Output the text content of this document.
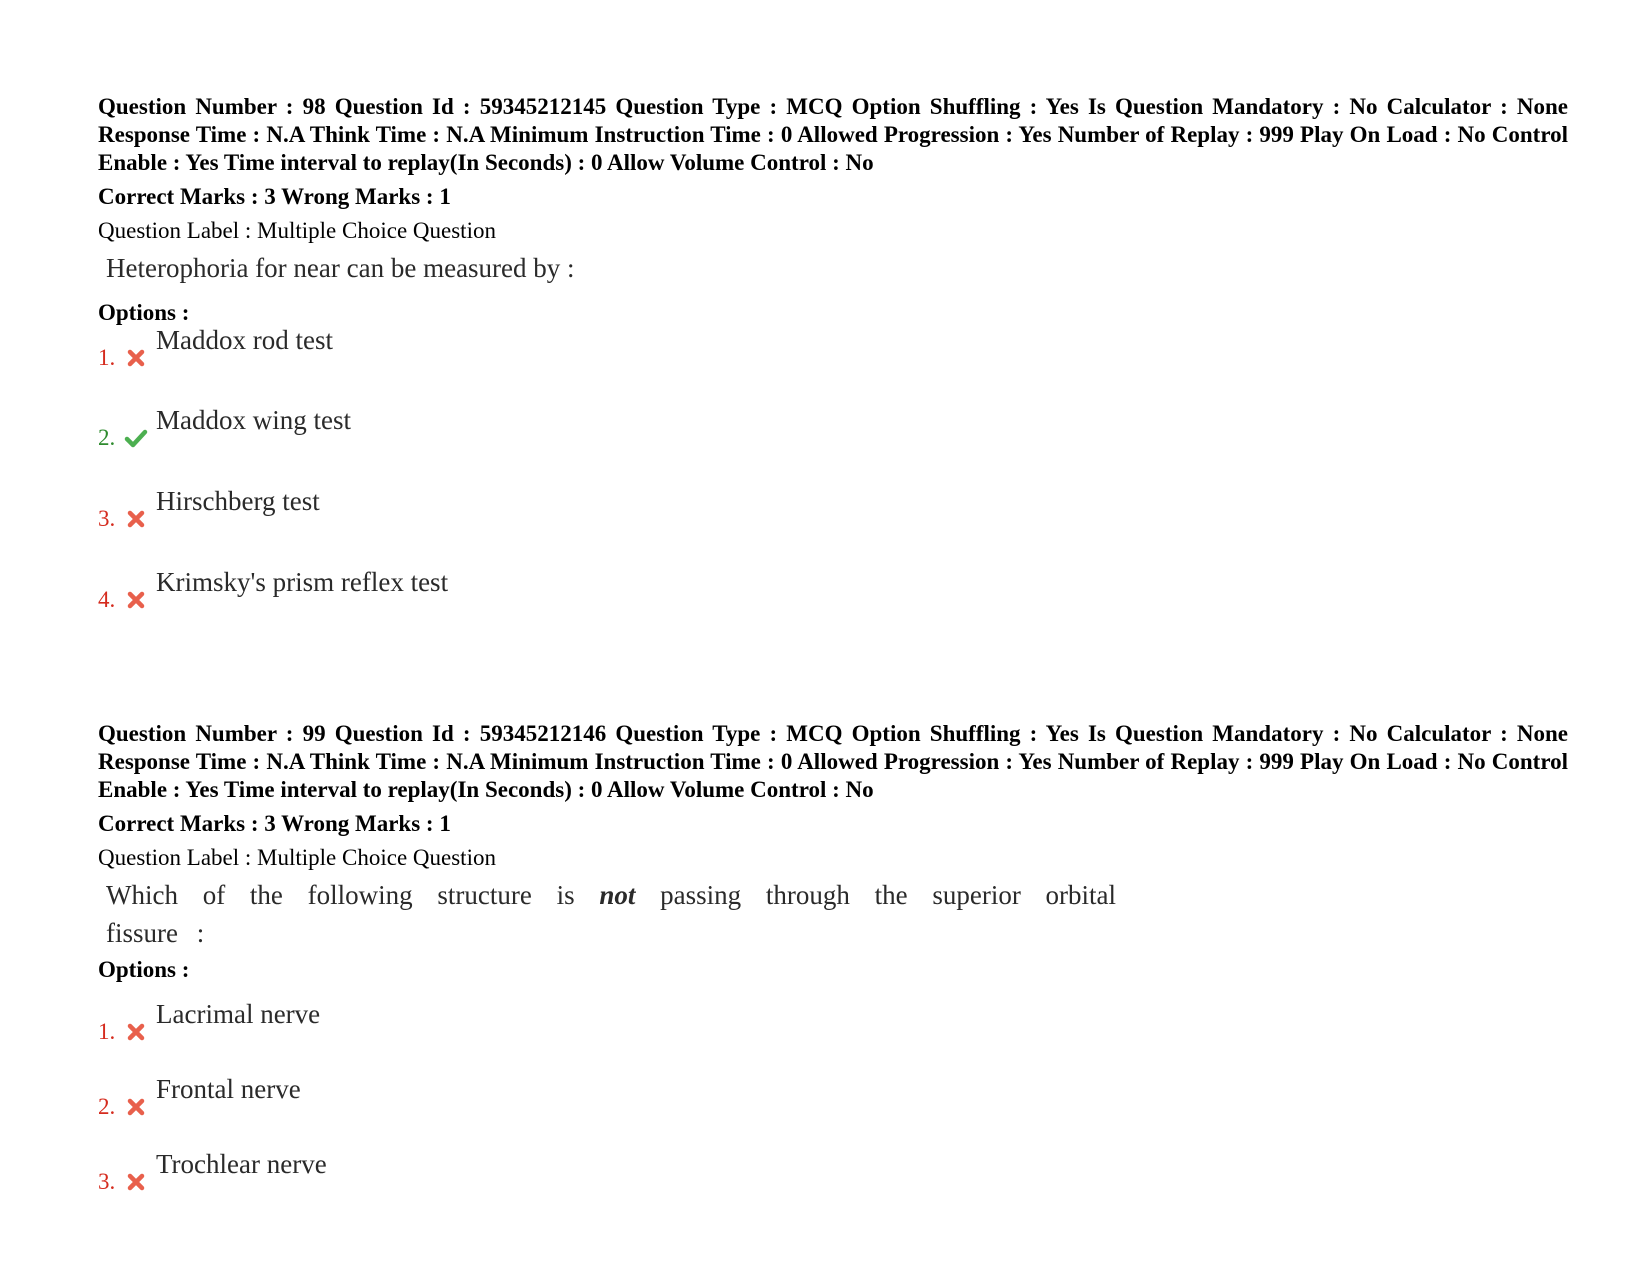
Question Number : 98 Question Id : 59345212145 Question Type : MCQ Option Shuffling : Yes Is Question Mandatory : No Calculator : None Response Time : N.A Think Time : N.A Minimum Instruction Time : 0 Allowed Progression : Yes Number of Replay : 999 Play On Load : No Control Enable : Yes Time interval to replay(In Seconds) : 0 Allow Volume Control : No

Correct Marks : 3 Wrong Marks : 1
Question Label : Multiple Choice Question
Heterophoria for near can be measured by :
Options :
1.
Maddox rod test
2.
Maddox wing test
3.
Hirschberg test
4.
Krimsky's prism reflex test

Question Number : 99 Question Id : 59345212146 Question Type : MCQ Option Shuffling : Yes Is Question Mandatory : No Calculator : None Response Time : N.A Think Time : N.A Minimum Instruction Time : 0 Allowed Progression : Yes Number of Replay : 999 Play On Load : No Control Enable : Yes Time interval to replay(In Seconds) : 0 Allow Volume Control : No

Correct Marks : 3 Wrong Marks : 1
Question Label : Multiple Choice Question
Which of the following structure is not passing through the superior orbital fissure :
Options :
1.
Lacrimal nerve
2.
Frontal nerve
3.
Trochlear nerve
